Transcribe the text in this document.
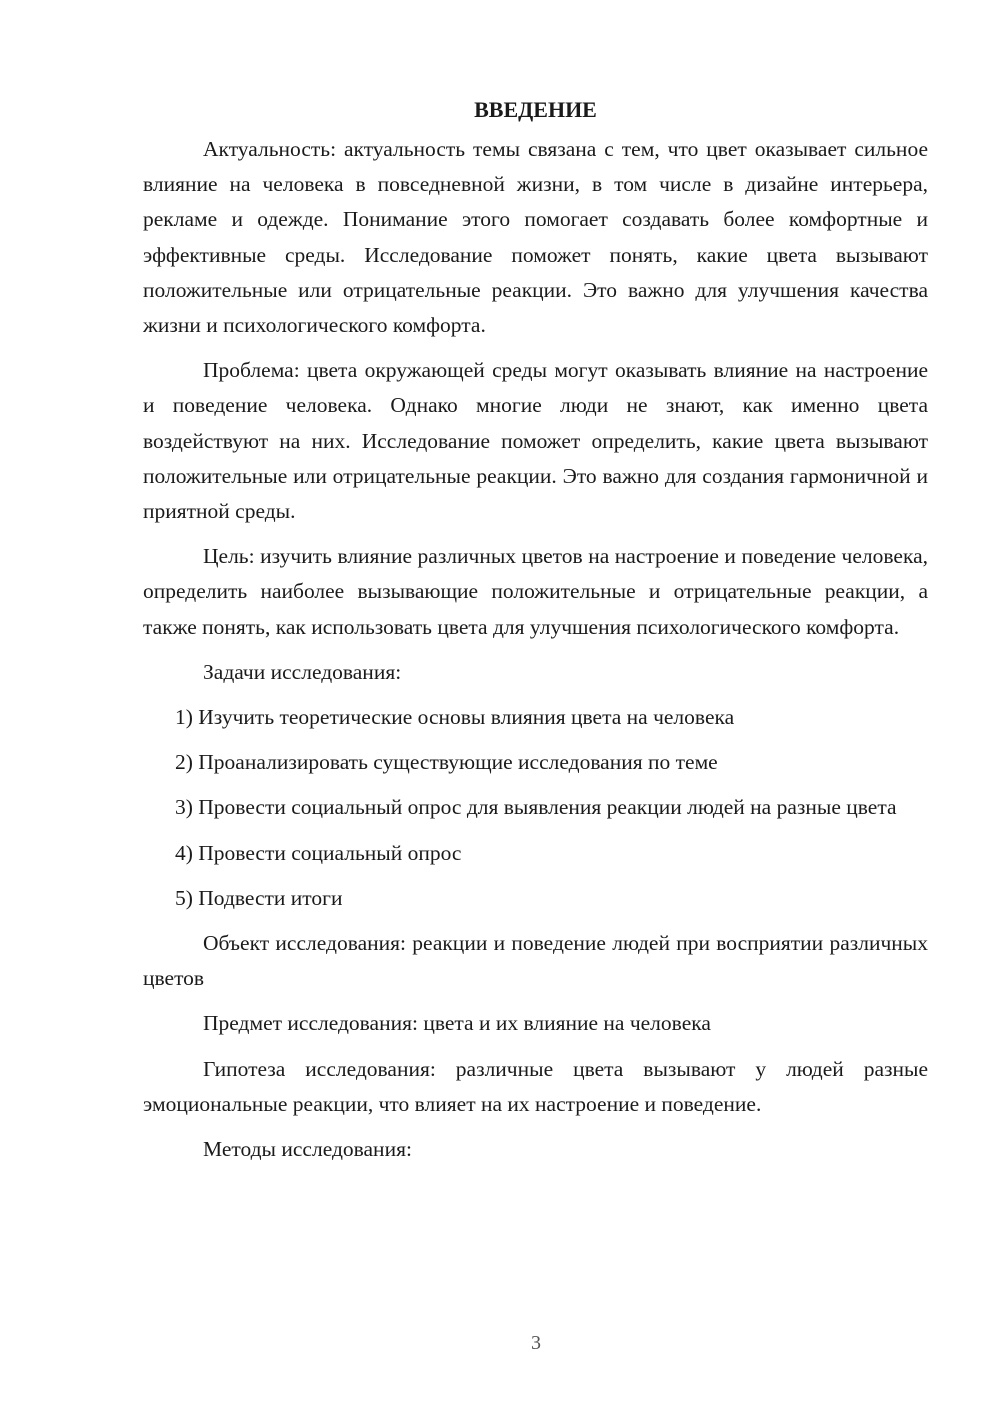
ВВЕДЕНИЕ

Актуальность: актуальность темы связана с тем, что цвет оказывает сильное влияние на человека в повседневной жизни, в том числе в дизайне интерьера, рекламе и одежде. Понимание этого помогает создавать более комфортные и эффективные среды. Исследование поможет понять, какие цвета вызывают положительные или отрицательные реакции. Это важно для улучшения качества жизни и психологического комфорта.

Проблема: цвета окружающей среды могут оказывать влияние на настроение и поведение человека. Однако многие люди не знают, как именно цвета воздействуют на них. Исследование поможет определить, какие цвета вызывают положительные или отрицательные реакции. Это важно для создания гармоничной и приятной среды.

Цель: изучить влияние различных цветов на настроение и поведение человека, определить наиболее вызывающие положительные и отрицательные реакции, а также понять, как использовать цвета для улучшения психологического комфорта.

Задачи исследования:

1) Изучить теоретические основы влияния цвета на человека

2) Проанализировать существующие исследования по теме

3) Провести социальный опрос для выявления реакции людей на разные цвета

4) Провести социальный опрос

5) Подвести итоги

Объект исследования: реакции и поведение людей при восприятии различных цветов

Предмет исследования: цвета и их влияние на человека

Гипотеза исследования: различные цвета вызывают у людей разные эмоциональные реакции, что влияет на их настроение и поведение.

Методы исследования:

3
